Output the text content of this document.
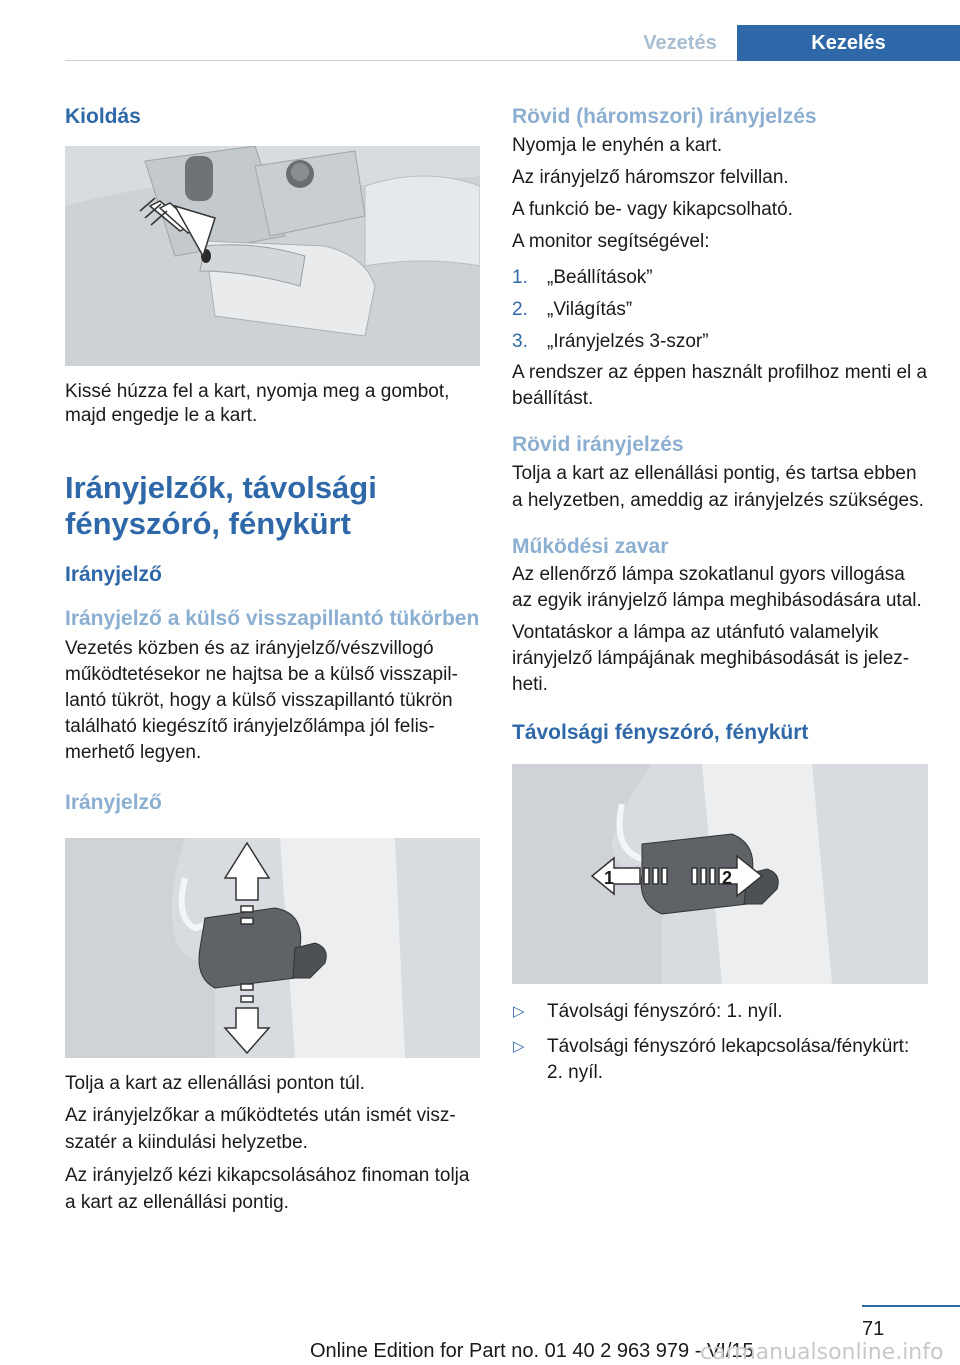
Vezetés	Kezelés
Kioldás

Kissé húzza fel a kart, nyomja meg a gombot, majd engedje le a kart.

Irányjelzők, távolsági
fényszóró, fénykürt
Irányjelző
Irányjelző a külső visszapillantó tükörben

Vezetés közben és az irányjelző/vészvillogó működtetésekor ne hajtsa be a külső visszapillantó tükröt, hogy a külső visszapillantó tükrön található kiegészítő irányjelzőlámpa jól felismerhető legyen.

Irányjelző

Tolja a kart az ellenállási ponton túl.

Az irányjelzőkar a működtetés után ismét viszszatér a kiindulási helyzetbe.

Az irányjelző kézi kikapcsolásához finoman tolja a kart az ellenállási pontig.

Rövid (háromszori) irányjelzés

Nyomja le enyhén a kart.

Az irányjelző háromszor felvillan.

A funkció be- vagy kikapcsolható.

A monitor segítségével:

1. „Beállítások”
2. „Világítás”
3. „Irányjelzés 3-szor”

A rendszer az éppen használt profilhoz menti el a beállítást.

Rövid irányjelzés

Tolja a kart az ellenállási pontig, és tartsa ebben a helyzetben, ameddig az irányjelzés szükséges.

Működési zavar

Az ellenőrző lámpa szokatlanul gyors villogása az egyik irányjelző lámpa meghibásodására utal.

Vontatáskor a lámpa az utánfutó valamelyik irányjelző lámpájának meghibásodását is jelezheti.

Távolsági fényszóró, fénykürt
1	2
▷ Távolsági fényszóró: 1. nyíl.
▷ Távolsági fényszóró lekapcsolása/fénykürt: 2. nyíl.
71
Online Edition for Part no. 01 40 2 963 979 - VI/15
carmanualsonline.info
